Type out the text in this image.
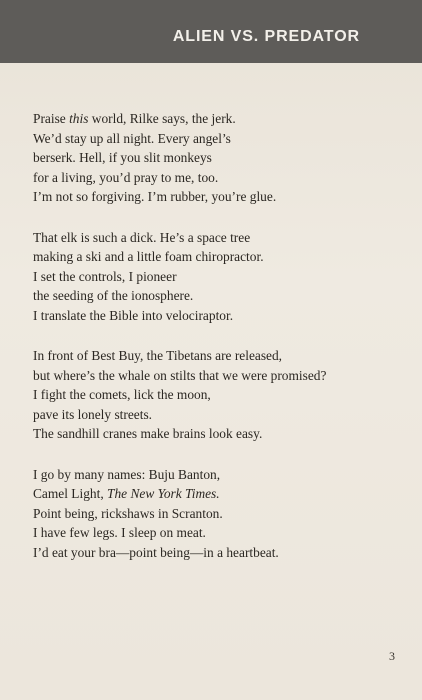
ALIEN VS. PREDATOR
Praise this world, Rilke says, the jerk.
We’d stay up all night. Every angel’s
berserk. Hell, if you slit monkeys
for a living, you’d pray to me, too.
I’m not so forgiving. I’m rubber, you’re glue.
That elk is such a dick. He’s a space tree
making a ski and a little foam chiropractor.
I set the controls, I pioneer
the seeding of the ionosphere.
I translate the Bible into velociraptor.
In front of Best Buy, the Tibetans are released,
but where’s the whale on stilts that we were promised?
I fight the comets, lick the moon,
pave its lonely streets.
The sandhill cranes make brains look easy.
I go by many names: Buju Banton,
Camel Light, The New York Times.
Point being, rickshaws in Scranton.
I have few legs. I sleep on meat.
I’d eat your bra—point being—in a heartbeat.
3
